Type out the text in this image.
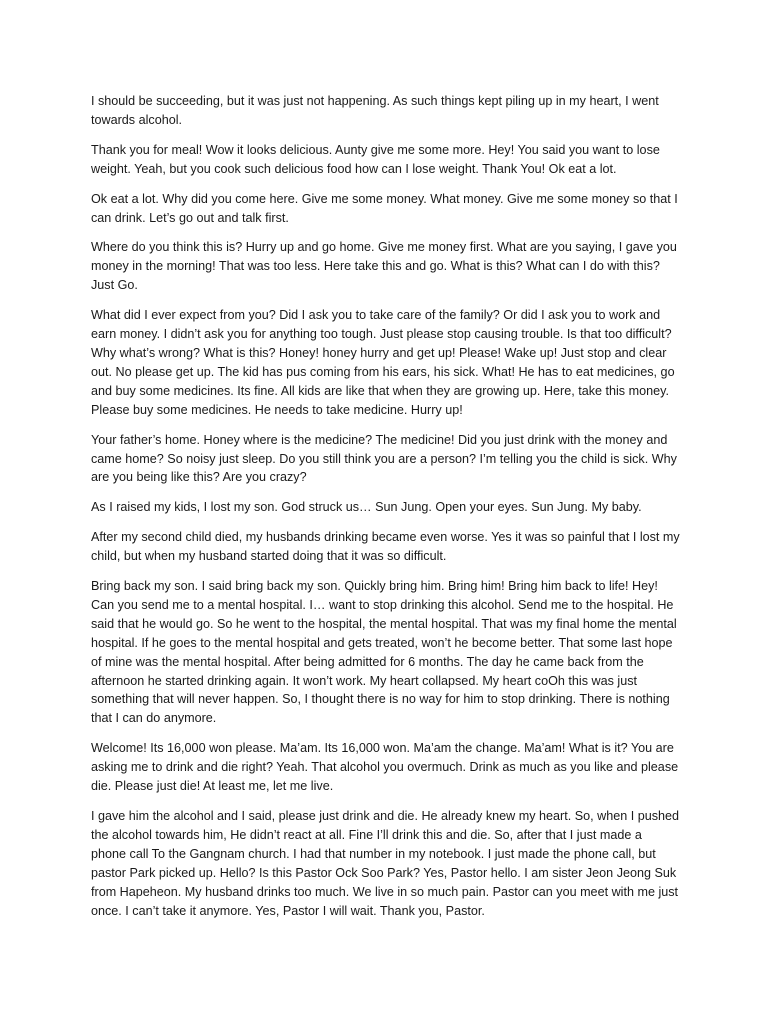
I should be succeeding, but it was just not happening. As such things kept piling up in my heart, I went towards alcohol.

Thank you for meal! Wow it looks delicious. Aunty give me some more. Hey! You said you want to lose weight. Yeah, but you cook such delicious food how can I lose weight. Thank You! Ok eat a lot.

Ok eat a lot. Why did you come here. Give me some money. What money. Give me some money so that I can drink. Let’s go out and talk first.

Where do you think this is? Hurry up and go home. Give me money first. What are you saying, I gave you money in the morning! That was too less. Here take this and go. What is this? What can I do with this? Just Go.

What did I ever expect from you? Did I ask you to take care of the family? Or did I ask you to work and earn money. I didn’t ask you for anything too tough. Just please stop causing trouble. Is that too difficult? Why what’s wrong? What is this? Honey! honey hurry and get up! Please! Wake up! Just stop and clear out. No please get up. The kid has pus coming from his ears, his sick. What! He has to eat medicines, go and buy some medicines. Its fine. All kids are like that when they are growing up. Here, take this money. Please buy some medicines. He needs to take medicine. Hurry up!

Your father’s home. Honey where is the medicine? The medicine! Did you just drink with the money and came home? So noisy just sleep. Do you still think you are a person? I’m telling you the child is sick. Why are you being like this? Are you crazy?

As I raised my kids, I lost my son. God struck us… Sun Jung. Open your eyes. Sun Jung. My baby.

After my second child died, my husbands drinking became even worse. Yes it was so painful that I lost my child, but when my husband started doing that it was so difficult.

Bring back my son. I said bring back my son. Quickly bring him. Bring him! Bring him back to life! Hey! Can you send me to a mental hospital. I… want to stop drinking this alcohol. Send me to the hospital. He said that he would go. So he went to the hospital, the mental hospital. That was my final home the mental hospital. If he goes to the mental hospital and gets treated, won’t he become better. That some last hope of mine was the mental hospital. After being admitted for 6 months. The day he came back from the afternoon he started drinking again. It won’t work. My heart collapsed. My heart coOh this was just something that will never happen. So, I thought there is no way for him to stop drinking. There is nothing that I can do anymore.

Welcome! Its 16,000 won please. Ma’am. Its 16,000 won. Ma’am the change. Ma’am! What is it? You are asking me to drink and die right? Yeah. That alcohol you overmuch. Drink as much as you like and please die. Please just die! At least me, let me live.

I gave him the alcohol and I said, please just drink and die. He already knew my heart. So, when I pushed the alcohol towards him, He didn’t react at all. Fine I’ll drink this and die. So, after that I just made a phone call To the Gangnam church. I had that number in my notebook. I just made the phone call, but pastor Park picked up. Hello? Is this Pastor Ock Soo Park? Yes, Pastor hello. I am sister Jeon Jeong Suk from Hapeheon. My husband drinks too much. We live in so much pain. Pastor can you meet with me just once. I can’t take it anymore. Yes, Pastor I will wait. Thank you, Pastor.
